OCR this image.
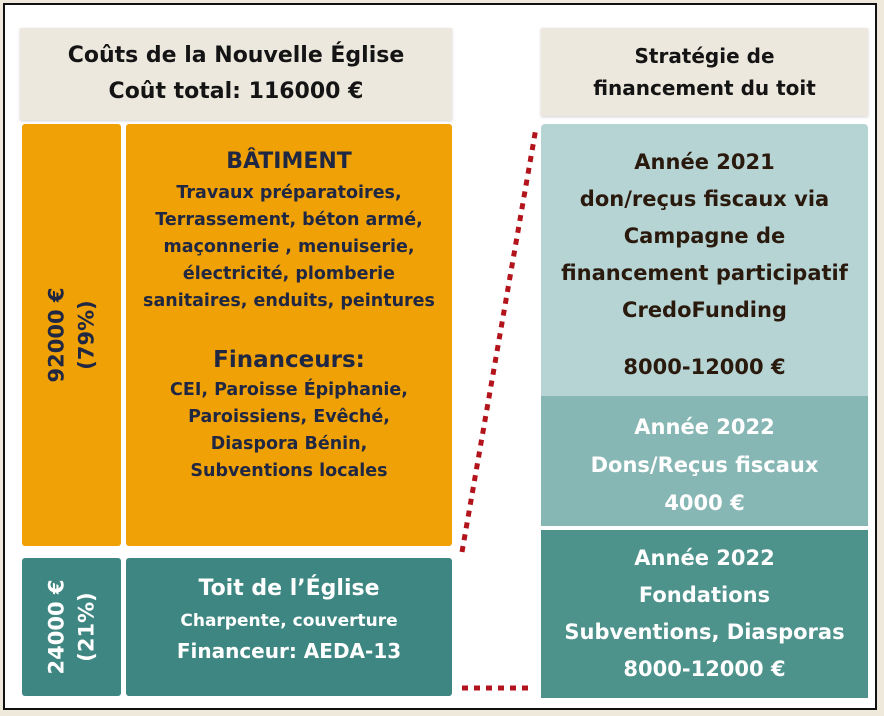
Coûts de la Nouvelle Église
Coût total: 116000 €
Stratégie de
financement du toit
92000 € (79%)
BÂTIMENT
Travaux préparatoires,
Terrassement, béton armé,
maçonnerie , menuiserie,
électricité, plomberie
sanitaires, enduits, peintures
Financeurs:
CEI, Paroisse Épiphanie,
Paroissiens, Evêché,
Diaspora Bénin,
Subventions locales
24000 € (21%)
Toit de l’Église
Charpente, couverture
Financeur: AEDA-13
Année 2021
don/reçus fiscaux via
Campagne de
financement participatif
CredoFunding
8000-12000 €
Année 2022
Dons/Reçus fiscaux
4000 €
Année 2022
Fondations
Subventions, Diasporas
8000-12000 €
